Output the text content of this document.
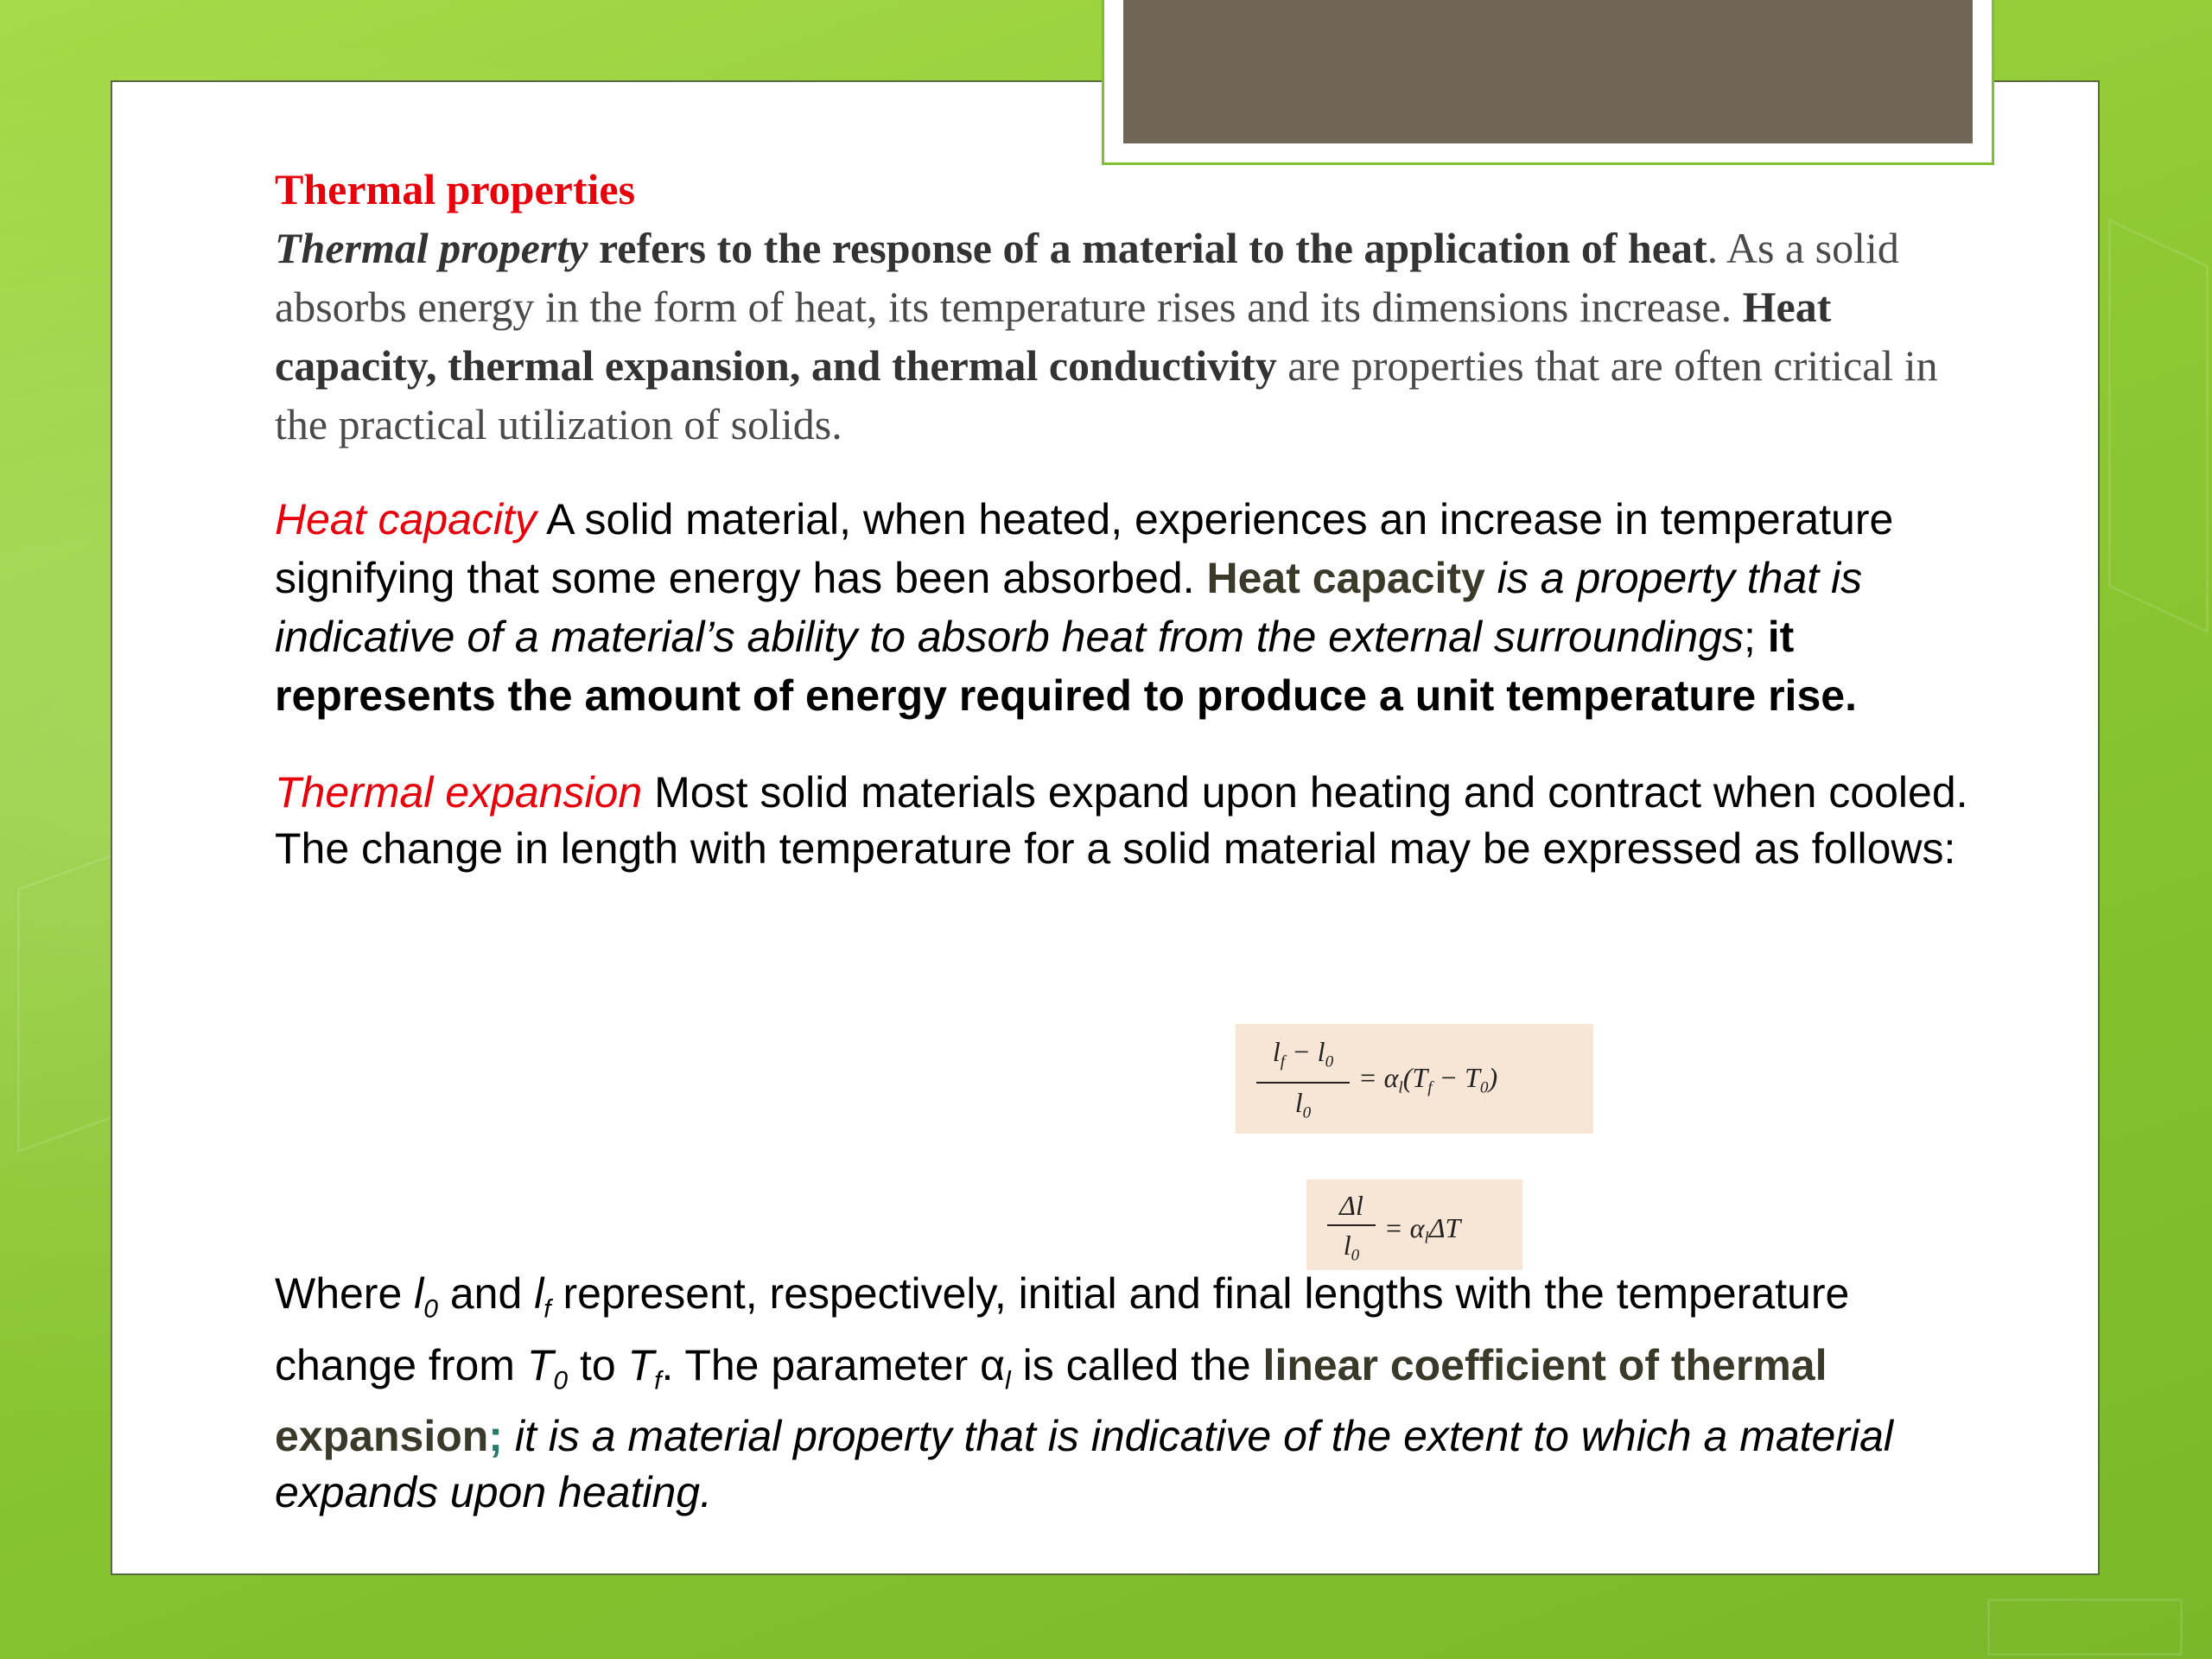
Thermal properties
Thermal property refers to the response of a material to the application of heat. As a solid absorbs energy in the form of heat, its temperature rises and its dimensions increase. Heat capacity, thermal expansion, and thermal conductivity are properties that are often critical in the practical utilization of solids.

Heat capacity A solid material, when heated, experiences an increase in temperature signifying that some energy has been absorbed. Heat capacity is a property that is indicative of a material’s ability to absorb heat from the external surroundings; it represents the amount of energy required to produce a unit temperature rise.

Thermal expansion Most solid materials expand upon heating and contract when cooled. The change in length with temperature for a solid material may be expressed as follows:

$l_f - l_0$
$l_0$
= $\alpha_l(T_f - T_0)$
Δl
$l_0$
= $\alpha_l\Delta T$

Where $l_0$ and $l_f$ represent, respectively, initial and final lengths with the temperature change from $T_0$ to $T_f$. The parameter $\alpha_l$ is called the linear coefficient of thermal expansion; it is a material property that is indicative of the extent to which a material expands upon heating.
